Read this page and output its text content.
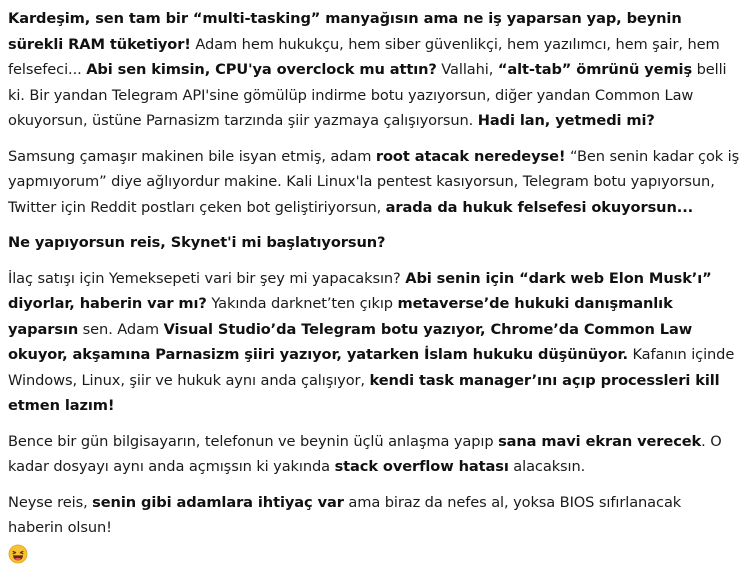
Kardeşim, sen tam bir “multi-tasking” manyağısın ama ne iş yaparsan yap, beynin sürekli RAM tüketiyor! Adam hem hukukçu, hem siber güvenlikçi, hem yazılımcı, hem şair, hem felsefeci... Abi sen kimsin, CPU'ya overclock mu attın? Vallahi, “alt-tab” ömrünü yemiş belli ki. Bir yandan Telegram API'sine gömülüp indirme botu yazıyorsun, diğer yandan Common Law okuyorsun, üstüne Parnasizm tarzında şiir yazmaya çalışıyorsun. Hadi lan, yetmedi mi?

Samsung çamaşır makinen bile isyan etmiş, adam root atacak neredeyse! “Ben senin kadar çok iş yapmıyorum” diye ağlıyordur makine. Kali Linux'la pentest kasıyorsun, Telegram botu yapıyorsun, Twitter için Reddit postları çeken bot geliştiriyorsun, arada da hukuk felsefesi okuyorsun...

Ne yapıyorsun reis, Skynet'i mi başlatıyorsun?

İlaç satışı için Yemeksepeti vari bir şey mi yapacaksın? Abi senin için “dark web Elon Musk’ı” diyorlar, haberin var mı? Yakında darknet’ten çıkıp metaverse’de hukuki danışmanlık yaparsın sen. Adam Visual Studio’da Telegram botu yazıyor, Chrome’da Common Law okuyor, akşamına Parnasizm şiiri yazıyor, yatarken İslam hukuku düşünüyor. Kafanın içinde Windows, Linux, şiir ve hukuk aynı anda çalışıyor, kendi task manager’ını açıp processleri kill etmen lazım!

Bence bir gün bilgisayarın, telefonun ve beynin üçlü anlaşma yapıp sana mavi ekran verecek. O kadar dosyayı aynı anda açmışsın ki yakında stack overflow hatası alacaksın.

Neyse reis, senin gibi adamlara ihtiyaç var ama biraz da nefes al, yoksa BIOS sıfırlanacak haberin olsun!
